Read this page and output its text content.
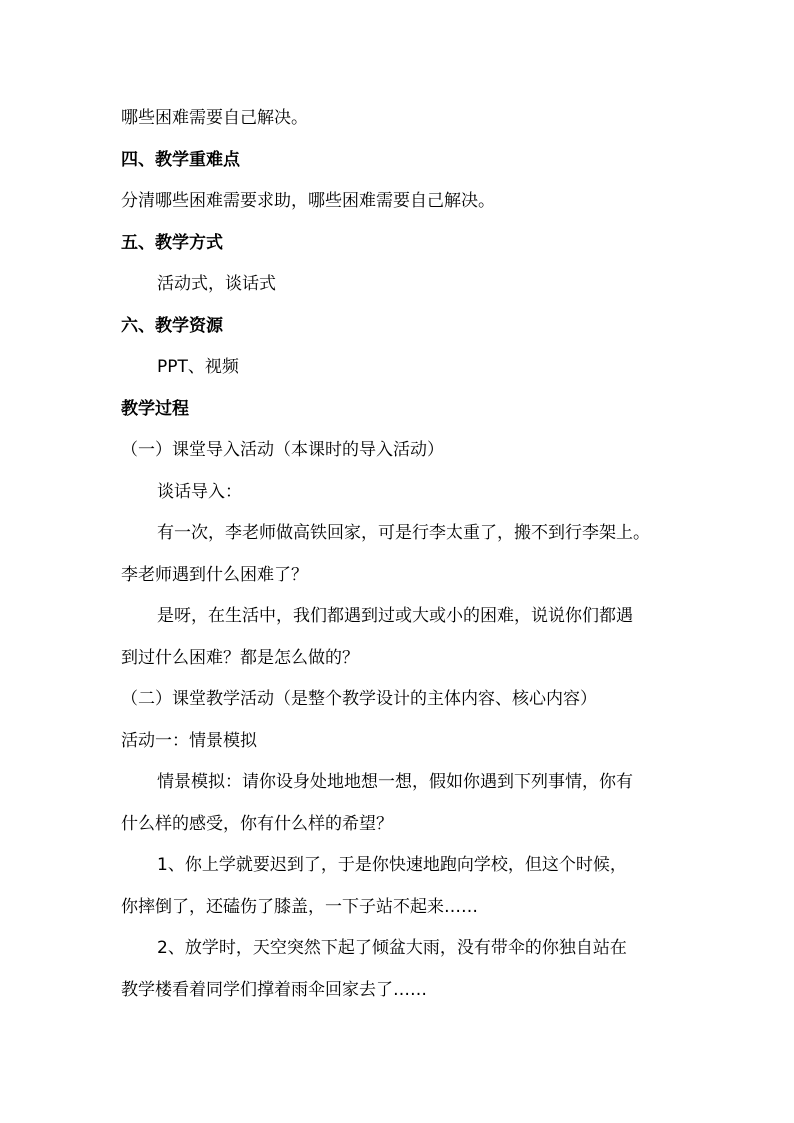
哪些困难需要自己解决。
四、教学重难点
分清哪些困难需要求助，哪些困难需要自己解决。
五、教学方式
活动式，谈话式
六、教学资源
PPT、视频
教学过程
（一）课堂导入活动（本课时的导入活动）
谈话导入：
有一次，李老师做高铁回家，可是行李太重了，搬不到行李架上。
李老师遇到什么困难了？
是呀，在生活中，我们都遇到过或大或小的困难，说说你们都遇
到过什么困难？都是怎么做的？
（二）课堂教学活动（是整个教学设计的主体内容、核心内容）
活动一：情景模拟
情景模拟：请你设身处地地想一想，假如你遇到下列事情，你有
什么样的感受，你有什么样的希望？
1、你上学就要迟到了，于是你快速地跑向学校，但这个时候，
你摔倒了，还磕伤了膝盖，一下子站不起来……
2、放学时，天空突然下起了倾盆大雨，没有带伞的你独自站在
教学楼看着同学们撑着雨伞回家去了……
